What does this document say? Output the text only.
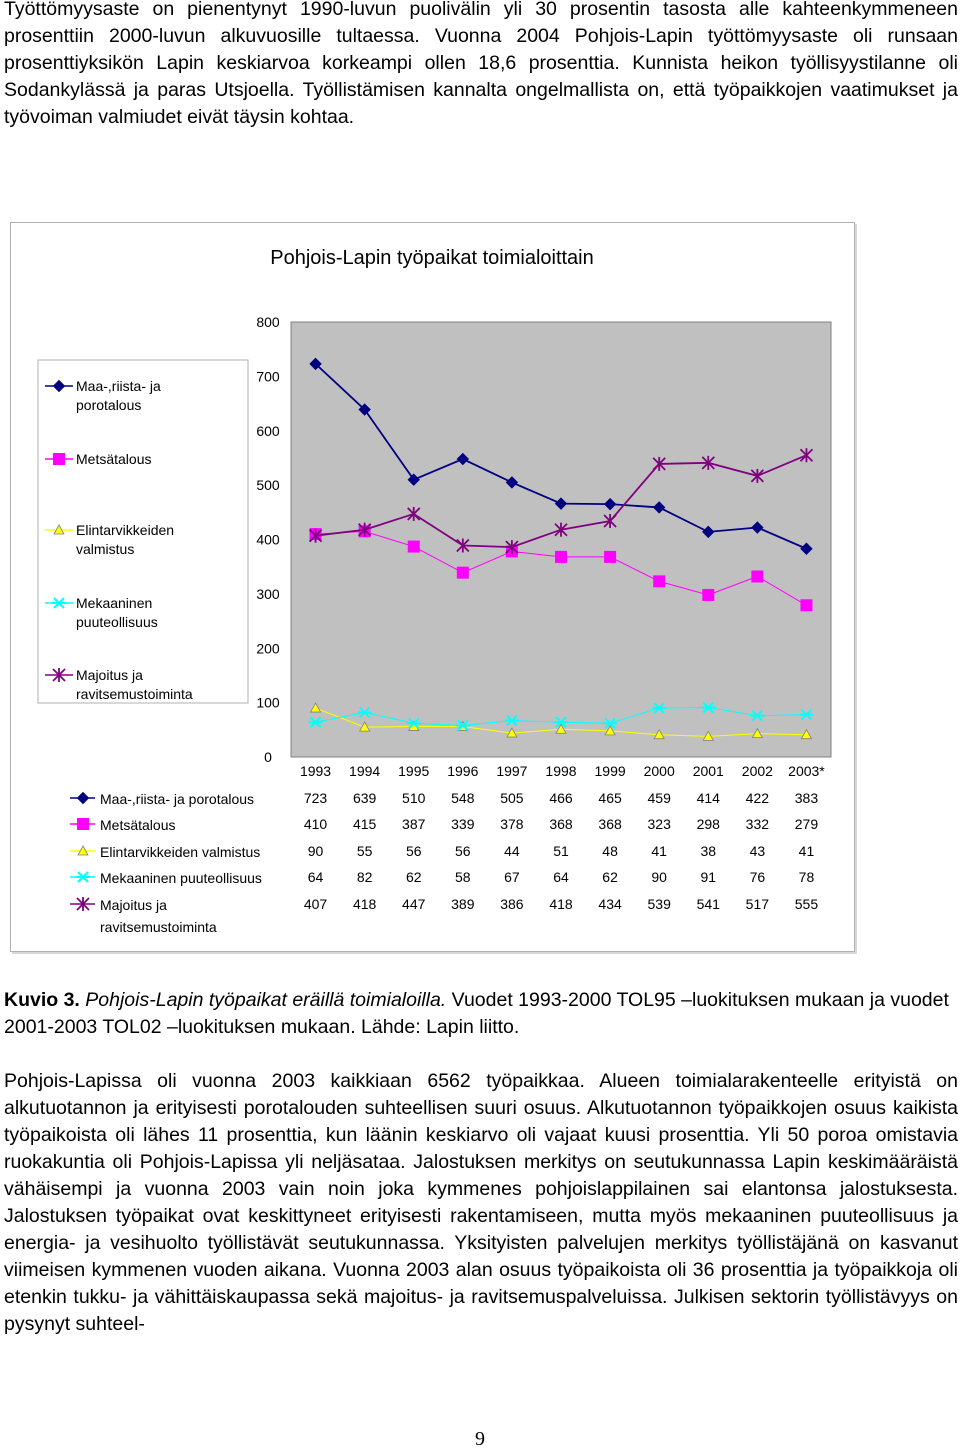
Työttömyysaste on pienentynyt 1990-luvun puolivälin yli 30 prosentin tasosta alle kahteenkymmeneen prosenttiin 2000-luvun alkuvuosille tultaessa. Vuonna 2004 Pohjois-Lapin työttömyysaste oli runsaan prosenttiyksikön Lapin keskiarvoa korkeampi ollen 18,6 prosenttia. Kunnista heikon työllisyystilanne oli Sodankylässä ja paras Utsjoella. Työllistämisen kannalta ongelmallista on, että työpaikkojen vaatimukset ja työvoiman valmiudet eivät täysin kohtaa.

Pohjois-Lapin työpaikat toimialoittain
0
100
200
300
400
500
600
700
800
Maa-,riista- ja
porotalous
Metsätalous
Elintarvikkeiden
valmistus
Mekaaninen
puuteollisuus
Majoitus ja
ravitsemustoiminta
1993 1994 1995 1996 1997 1998 1999 2000 2001 2002 2003*
Maa-,riista- ja porotalous	723 639 510 548 505 466 465 459 414 422 383
Metsätalous	410 415 387 339 378 368 368 323 298 332 279
Elintarvikkeiden valmistus	90 55 56 56 44 51 48 41 38 43 41
Mekaaninen puuteollisuus	64 82 62 58 67 64 62 90 91 76 78
Majoitus ja
ravitsemustoiminta
407 418 447 389 386 418 434 539 541 517 555

Kuvio 3. Pohjois-Lapin työpaikat eräillä toimialoilla. Vuodet 1993-2000 TOL95 –luokituksen mukaan ja vuodet 2001-2003 TOL02 –luokituksen mukaan. Lähde: Lapin liitto.

Pohjois-Lapissa oli vuonna 2003 kaikkiaan 6562 työpaikkaa. Alueen toimialarakenteelle erityistä on alkutuotannon ja erityisesti porotalouden suhteellisen suuri osuus. Alkutuotannon työpaikkojen osuus kaikista työpaikoista oli lähes 11 prosenttia, kun läänin keskiarvo oli vajaat kuusi prosenttia. Yli 50 poroa omistavia ruokakuntia oli Pohjois-Lapissa yli neljäsataa. Jalostuksen merkitys on seutukunnassa Lapin keskimääräistä vähäisempi ja vuonna 2003 vain noin joka kymmenes pohjoislappilainen sai elantonsa jalostuksesta. Jalostuksen työpaikat ovat keskittyneet erityisesti rakentamiseen, mutta myös mekaaninen puuteollisuus ja energia- ja vesihuolto työllistävät seutukunnassa. Yksityisten palvelujen merkitys työllistäjänä on kasvanut viimeisen kymmenen vuoden aikana. Vuonna 2003 alan osuus työpaikoista oli 36 prosenttia ja työpaikkoja oli etenkin tukku- ja vähittäiskaupassa sekä majoitus- ja ravitsemuspalveluissa. Julkisen sektorin työllistävyys on pysynyt suhteel-

9
